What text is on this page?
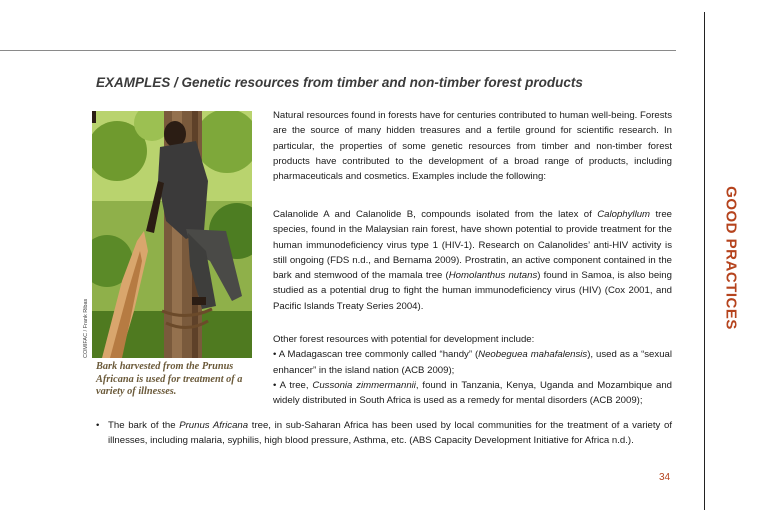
GOOD PRACTICES
EXAMPLES / Genetic resources from timber and non-timber forest products
COMIFAC / Frank Ribas
Bark harvested from the Prunus Africana is used for treatment of a variety of illnesses.

Natural resources found in forests have for centuries contributed to human well-being. Forests are the source of many hidden treasures and a fertile ground for scientific research. In particular, the properties of some genetic resources from timber and non-timber forest products have contributed to the development of a broad range of products, including pharmaceuticals and cosmetics. Examples include the following:

Calanolide A and Calanolide B, compounds isolated from the latex of Calophyllum tree species, found in the Malaysian rain forest, have shown potential to provide treatment for the human immunodeficiency virus type 1 (HIV-1). Research on Calanolides’ anti-HIV activity is still ongoing (FDS n.d., and Bernama 2009). Prostratin, an active component contained in the bark and stemwood of the mamala tree (Homolanthus nutans) found in Samoa, is also being studied as a potential drug to fight the human immunodeficiency virus (HIV) (Cox 2001, and Pacific Islands Treaty Series 2004).

Other forest resources with potential for development include:

• A Madagascan tree commonly called “handy” (Neobeguea mahafalensis), used as a “sexual enhancer” in the island nation (ACB 2009);

• A tree, Cussonia zimmermannii, found in Tanzania, Kenya, Uganda and Mozambique and widely distributed in South Africa is used as a remedy for mental disorders (ACB 2009);

• The bark of the Prunus Africana tree, in sub-Saharan Africa has been used by local communities for the treatment of a variety of illnesses, including malaria, syphilis, high blood pressure, Asthma, etc. (ABS Capacity Development Initiative for Africa n.d.).
34
